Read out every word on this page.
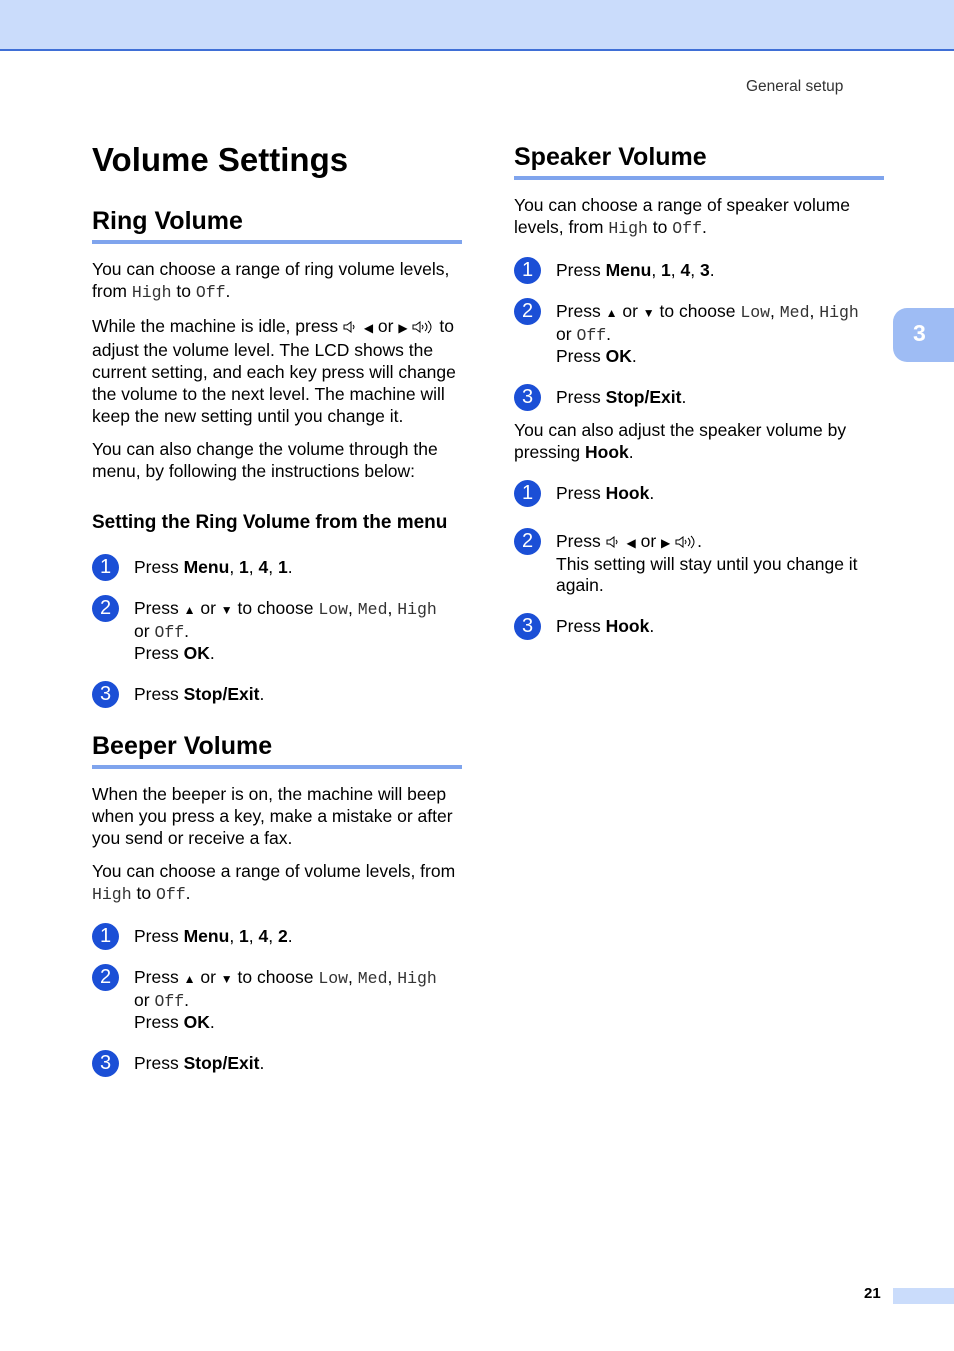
General setup
3
Volume Settings
Ring Volume

You can choose a range of ring volume levels, from High to Off.

While the machine is idle, press  ◀ or ▶  to adjust the volume level. The LCD shows the current setting, and each key press will change the volume to the next level. The machine will keep the new setting until you change it.

You can also change the volume through the menu, by following the instructions below:

Setting the Ring Volume from the menu
1	Press Menu, 1, 4, 1.
2	Press ▲ or ▼ to choose Low, Med, High
or Off.
Press OK.
3	Press Stop/Exit.
Beeper Volume

When the beeper is on, the machine will beep when you press a key, make a mistake or after you send or receive a fax.

You can choose a range of volume levels, from High to Off.

1	Press Menu, 1, 4, 2.
2	Press ▲ or ▼ to choose Low, Med, High
or Off.
Press OK.
3	Press Stop/Exit.
Speaker Volume

You can choose a range of speaker volume levels, from High to Off.

1	Press Menu, 1, 4, 3.
2	Press ▲ or ▼ to choose Low, Med, High
or Off.
Press OK.
3	Press Stop/Exit.

You can also adjust the speaker volume by pressing Hook.

1	Press Hook.
2	Press  ◀ or ▶ .
This setting will stay until you change it again.
3	Press Hook.
21
